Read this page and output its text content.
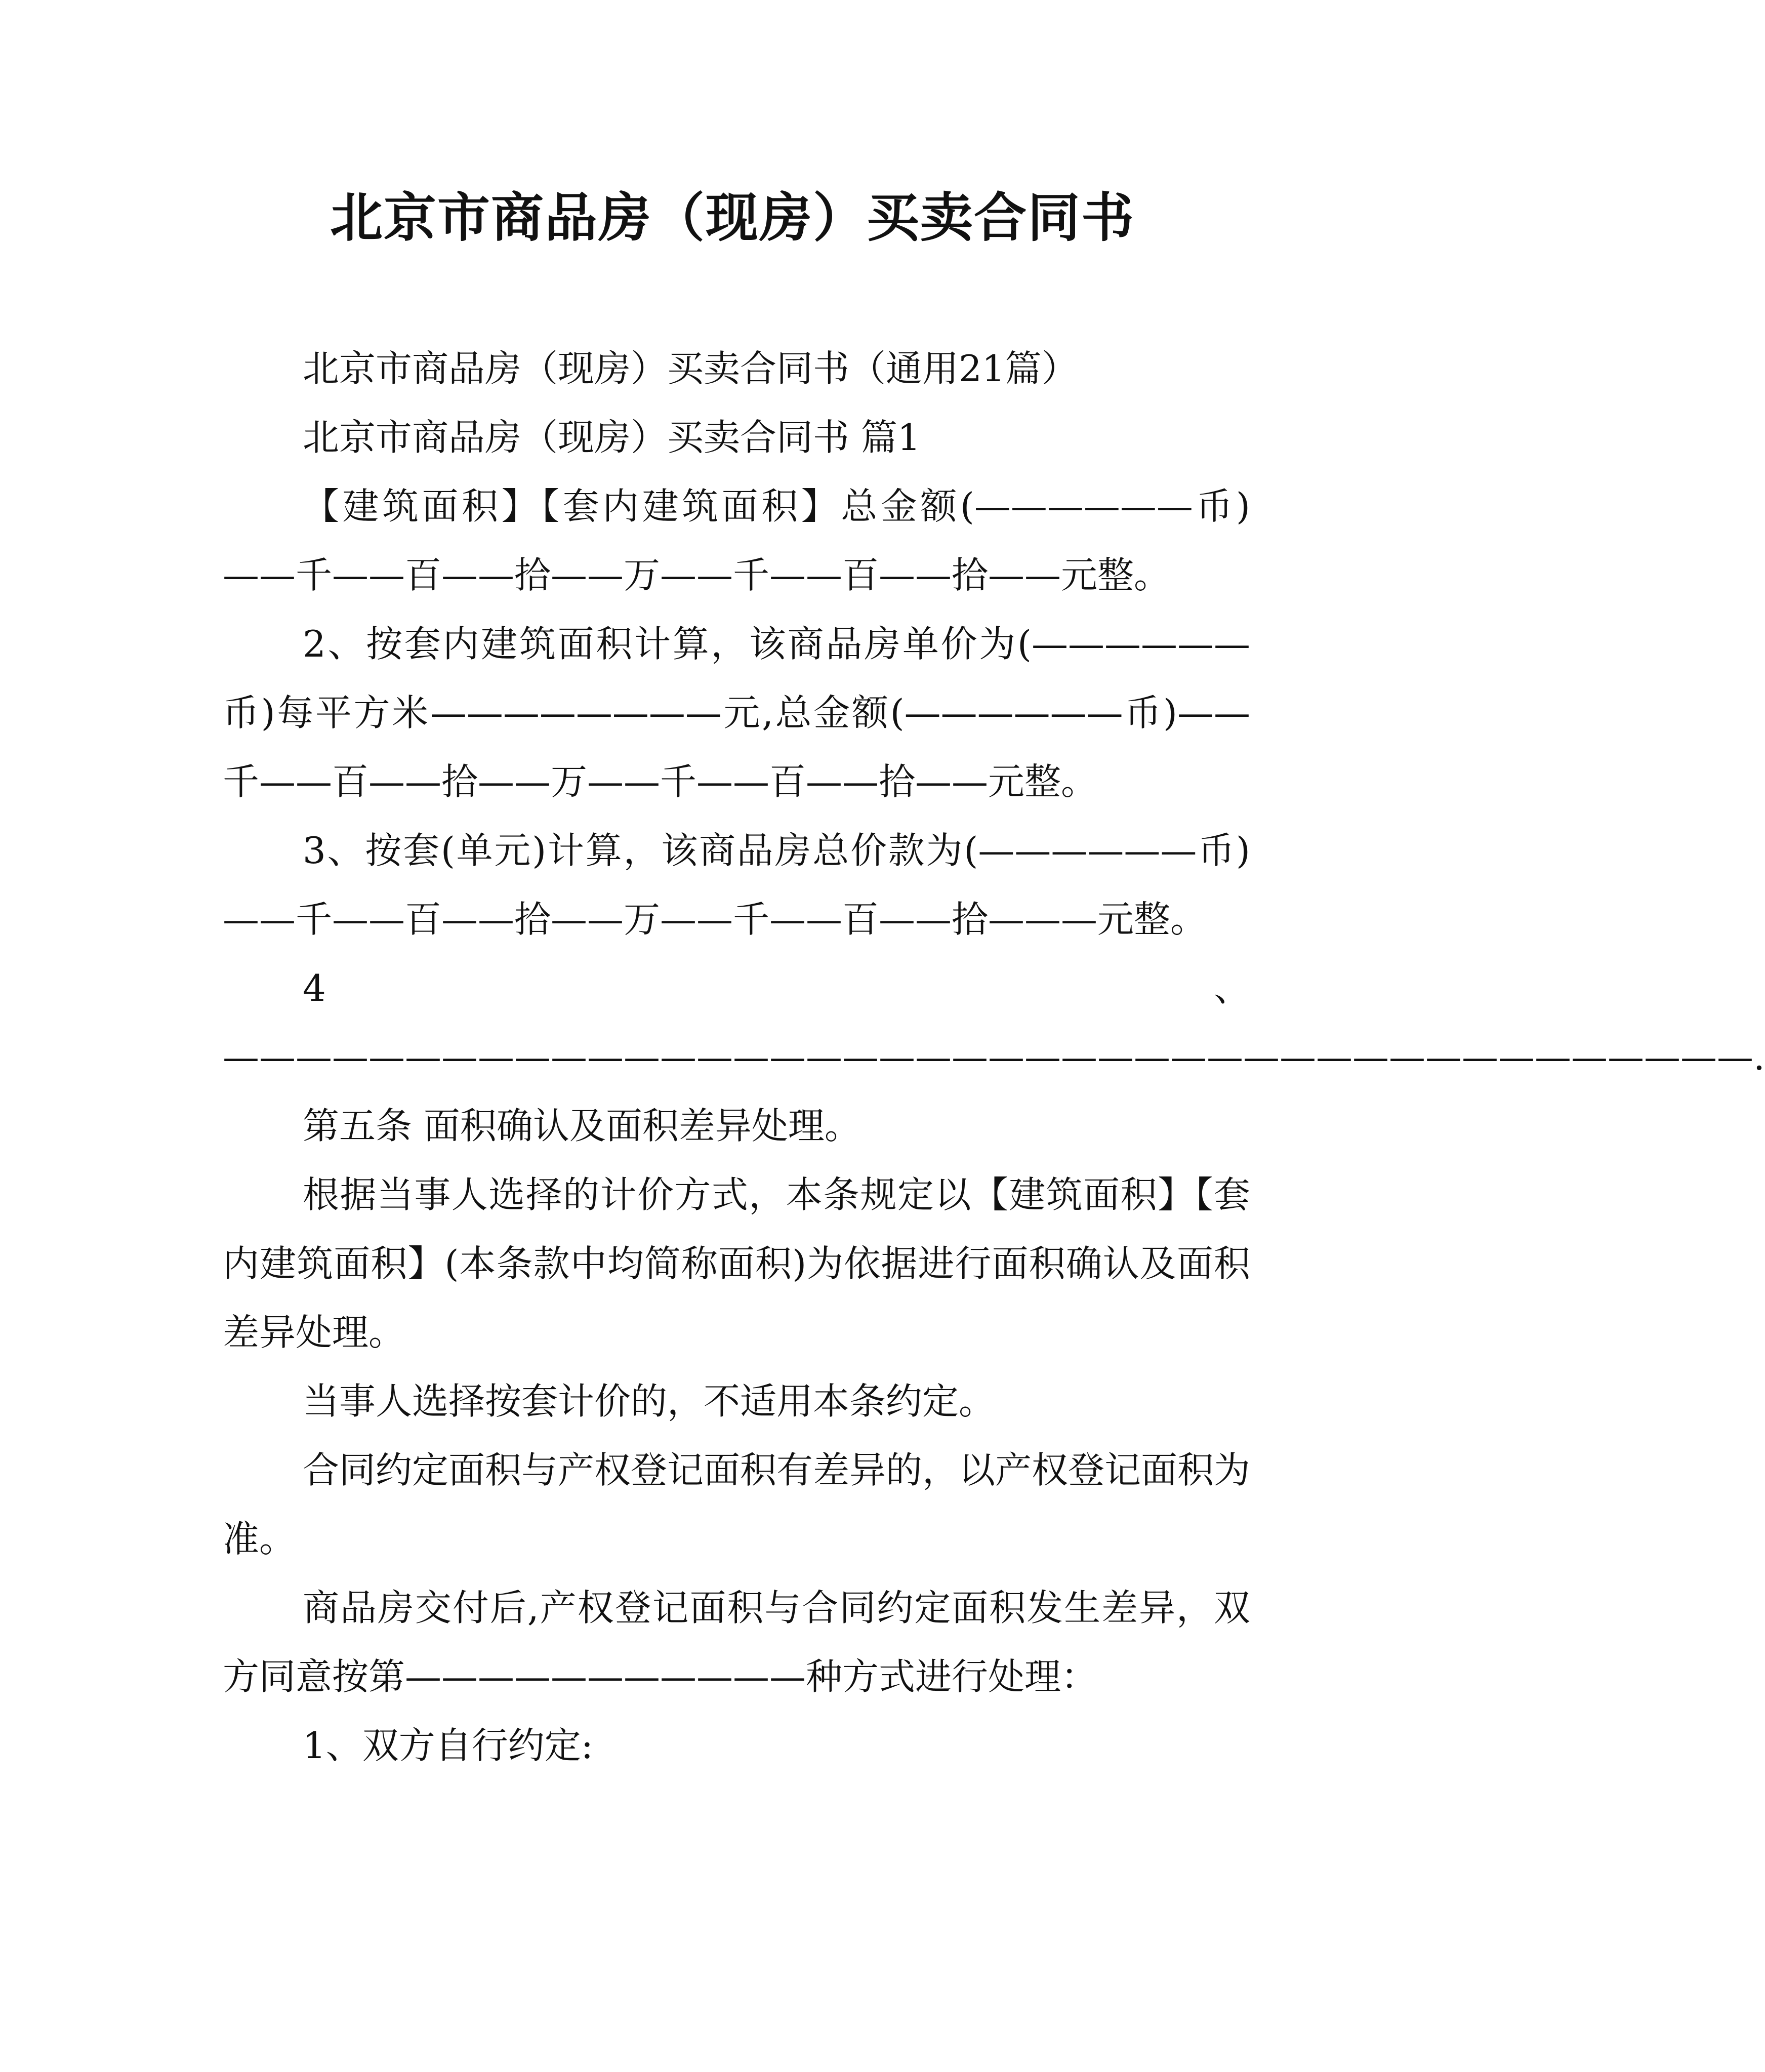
北京市商品房（现房）买卖合同书

北京市商品房（现房）买卖合同书（通用21篇）

北京市商品房（现房）买卖合同书 篇1

【建筑面积】【套内建筑面积】总金额(——————币)——千——百——拾——万——千——百——拾——元整。

2、按套内建筑面积计算，该商品房单价为(——————币)每平方米————————元,总金额(——————币)——千——百——拾——万——千——百——拾——元整。

3、按套(单元)计算，该商品房总价款为(——————币)——千——百——拾——万——千——百——拾———元整。

4、——————————————————————————————————————————.

第五条 面积确认及面积差异处理。

根据当事人选择的计价方式，本条规定以【建筑面积】【套内建筑面积】(本条款中均简称面积)为依据进行面积确认及面积差异处理。

当事人选择按套计价的，不适用本条约定。

合同约定面积与产权登记面积有差异的，以产权登记面积为准。

商品房交付后,产权登记面积与合同约定面积发生差异，双方同意按第———————————种方式进行处理：

1、双方自行约定:
